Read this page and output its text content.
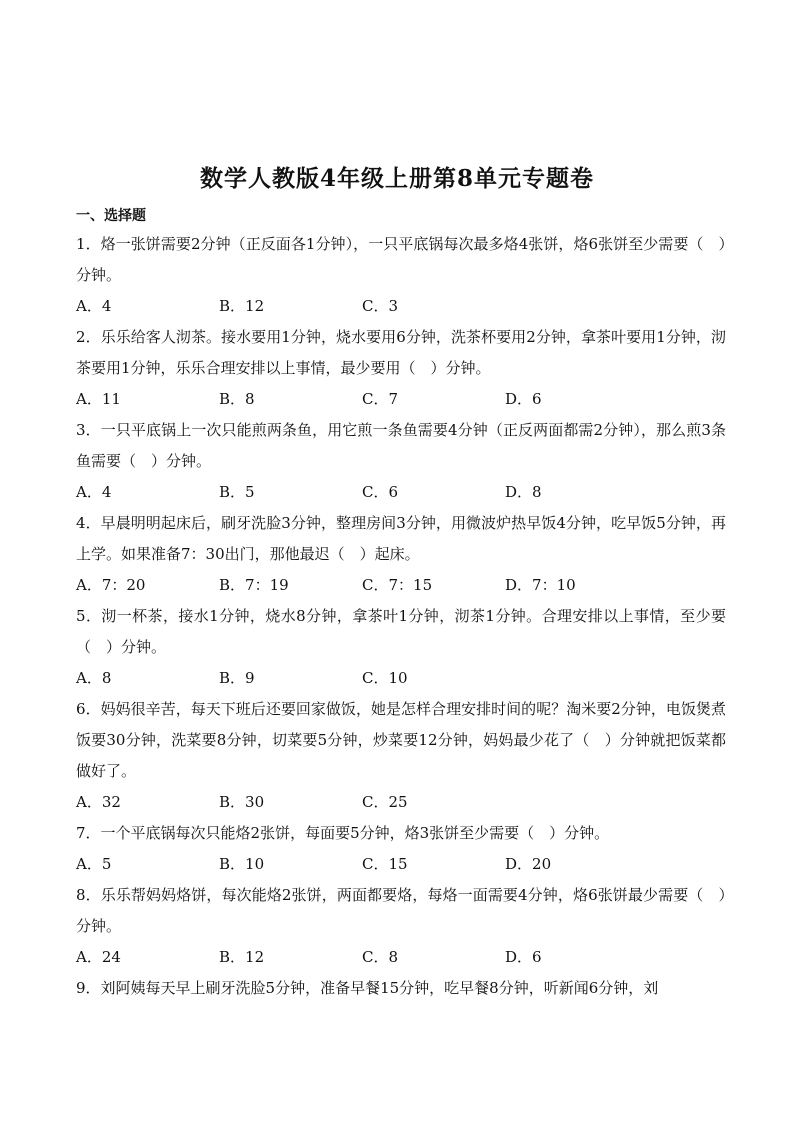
数学人教版4年级上册第8单元专题卷
一、选择题
1．烙一张饼需要2分钟（正反面各1分钟），一只平底锅每次最多烙4张饼，烙6张饼至少需要（　）分钟。
A．4	B．12	C．3
2．乐乐给客人沏茶。接水要用1分钟，烧水要用6分钟，洗茶杯要用2分钟，拿茶叶要用1分钟，沏茶要用1分钟，乐乐合理安排以上事情，最少要用（　）分钟。
A．11	B．8	C．7	D．6
3．一只平底锅上一次只能煎两条鱼，用它煎一条鱼需要4分钟（正反两面都需2分钟），那么煎3条鱼需要（　）分钟。
A．4	B．5	C．6	D．8
4．早晨明明起床后，刷牙洗脸3分钟，整理房间3分钟，用微波炉热早饭4分钟，吃早饭5分钟，再上学。如果准备7：30出门，那他最迟（　）起床。
A．7：20	B．7：19	C．7：15	D．7：10
5．沏一杯茶，接水1分钟，烧水8分钟，拿茶叶1分钟，沏茶1分钟。合理安排以上事情，至少要（　）分钟。
A．8	B．9	C．10
6．妈妈很辛苦，每天下班后还要回家做饭，她是怎样合理安排时间的呢？淘米要2分钟，电饭煲煮饭要30分钟，洗菜要8分钟，切菜要5分钟，炒菜要12分钟，妈妈最少花了（　）分钟就把饭菜都做好了。
A．32	B．30	C．25
7．一个平底锅每次只能烙2张饼，每面要5分钟，烙3张饼至少需要（　）分钟。
A．5	B．10	C．15	D．20
8．乐乐帮妈妈烙饼，每次能烙2张饼，两面都要烙，每烙一面需要4分钟，烙6张饼最少需要（　）分钟。
A．24	B．12	C．8	D．6
9．刘阿姨每天早上刷牙洗脸5分钟，准备早餐15分钟，吃早餐8分钟，听新闻6分钟，刘
